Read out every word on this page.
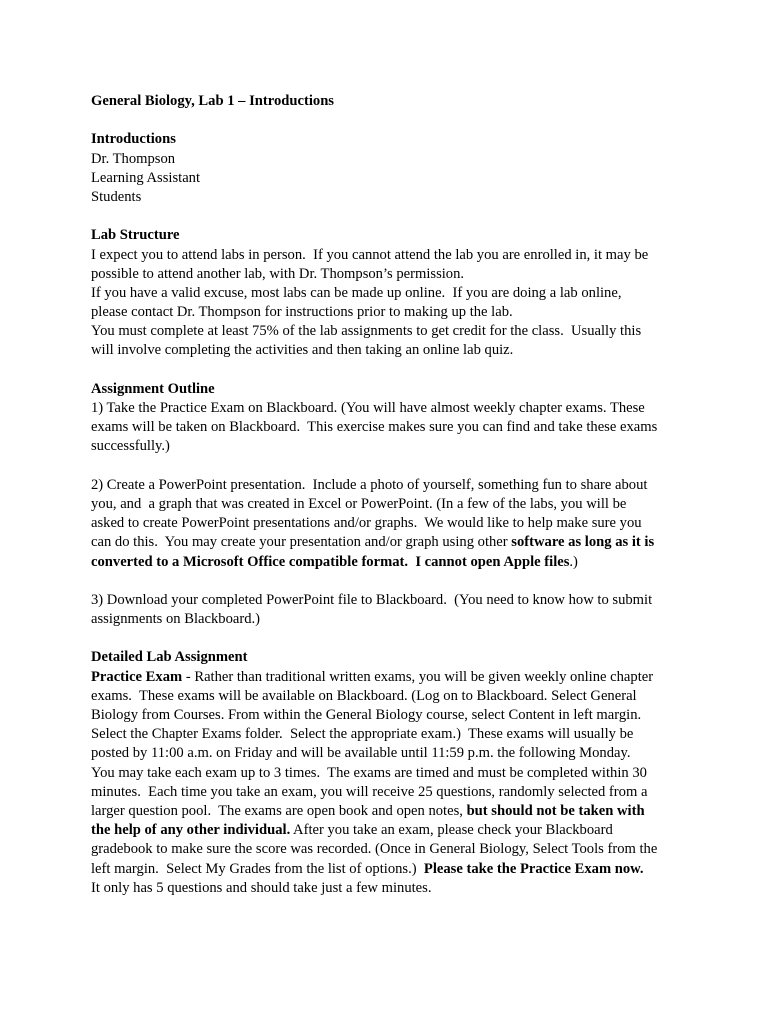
General Biology, Lab 1 – Introductions
Introductions
Dr. Thompson
Learning Assistant
Students
Lab Structure
I expect you to attend labs in person.  If you cannot attend the lab you are enrolled in, it may be
possible to attend another lab, with Dr. Thompson’s permission.
If you have a valid excuse, most labs can be made up online.  If you are doing a lab online,
please contact Dr. Thompson for instructions prior to making up the lab.
You must complete at least 75% of the lab assignments to get credit for the class.  Usually this
will involve completing the activities and then taking an online lab quiz.
Assignment Outline
1) Take the Practice Exam on Blackboard. (You will have almost weekly chapter exams. These
exams will be taken on Blackboard.  This exercise makes sure you can find and take these exams
successfully.)
2) Create a PowerPoint presentation.  Include a photo of yourself, something fun to share about
you, and  a graph that was created in Excel or PowerPoint. (In a few of the labs, you will be
asked to create PowerPoint presentations and/or graphs.  We would like to help make sure you
can do this.  You may create your presentation and/or graph using other software as long as it is
converted to a Microsoft Office compatible format.  I cannot open Apple files.)
3) Download your completed PowerPoint file to Blackboard.  (You need to know how to submit
assignments on Blackboard.)
Detailed Lab Assignment
Practice Exam - Rather than traditional written exams, you will be given weekly online chapter
exams.  These exams will be available on Blackboard. (Log on to Blackboard. Select General
Biology from Courses. From within the General Biology course, select Content in left margin.
Select the Chapter Exams folder.  Select the appropriate exam.)  These exams will usually be
posted by 11:00 a.m. on Friday and will be available until 11:59 p.m. the following Monday.
You may take each exam up to 3 times.  The exams are timed and must be completed within 30
minutes.  Each time you take an exam, you will receive 25 questions, randomly selected from a
larger question pool.  The exams are open book and open notes, but should not be taken with
the help of any other individual. After you take an exam, please check your Blackboard
gradebook to make sure the score was recorded. (Once in General Biology, Select Tools from the
left margin.  Select My Grades from the list of options.)  Please take the Practice Exam now.
It only has 5 questions and should take just a few minutes.
